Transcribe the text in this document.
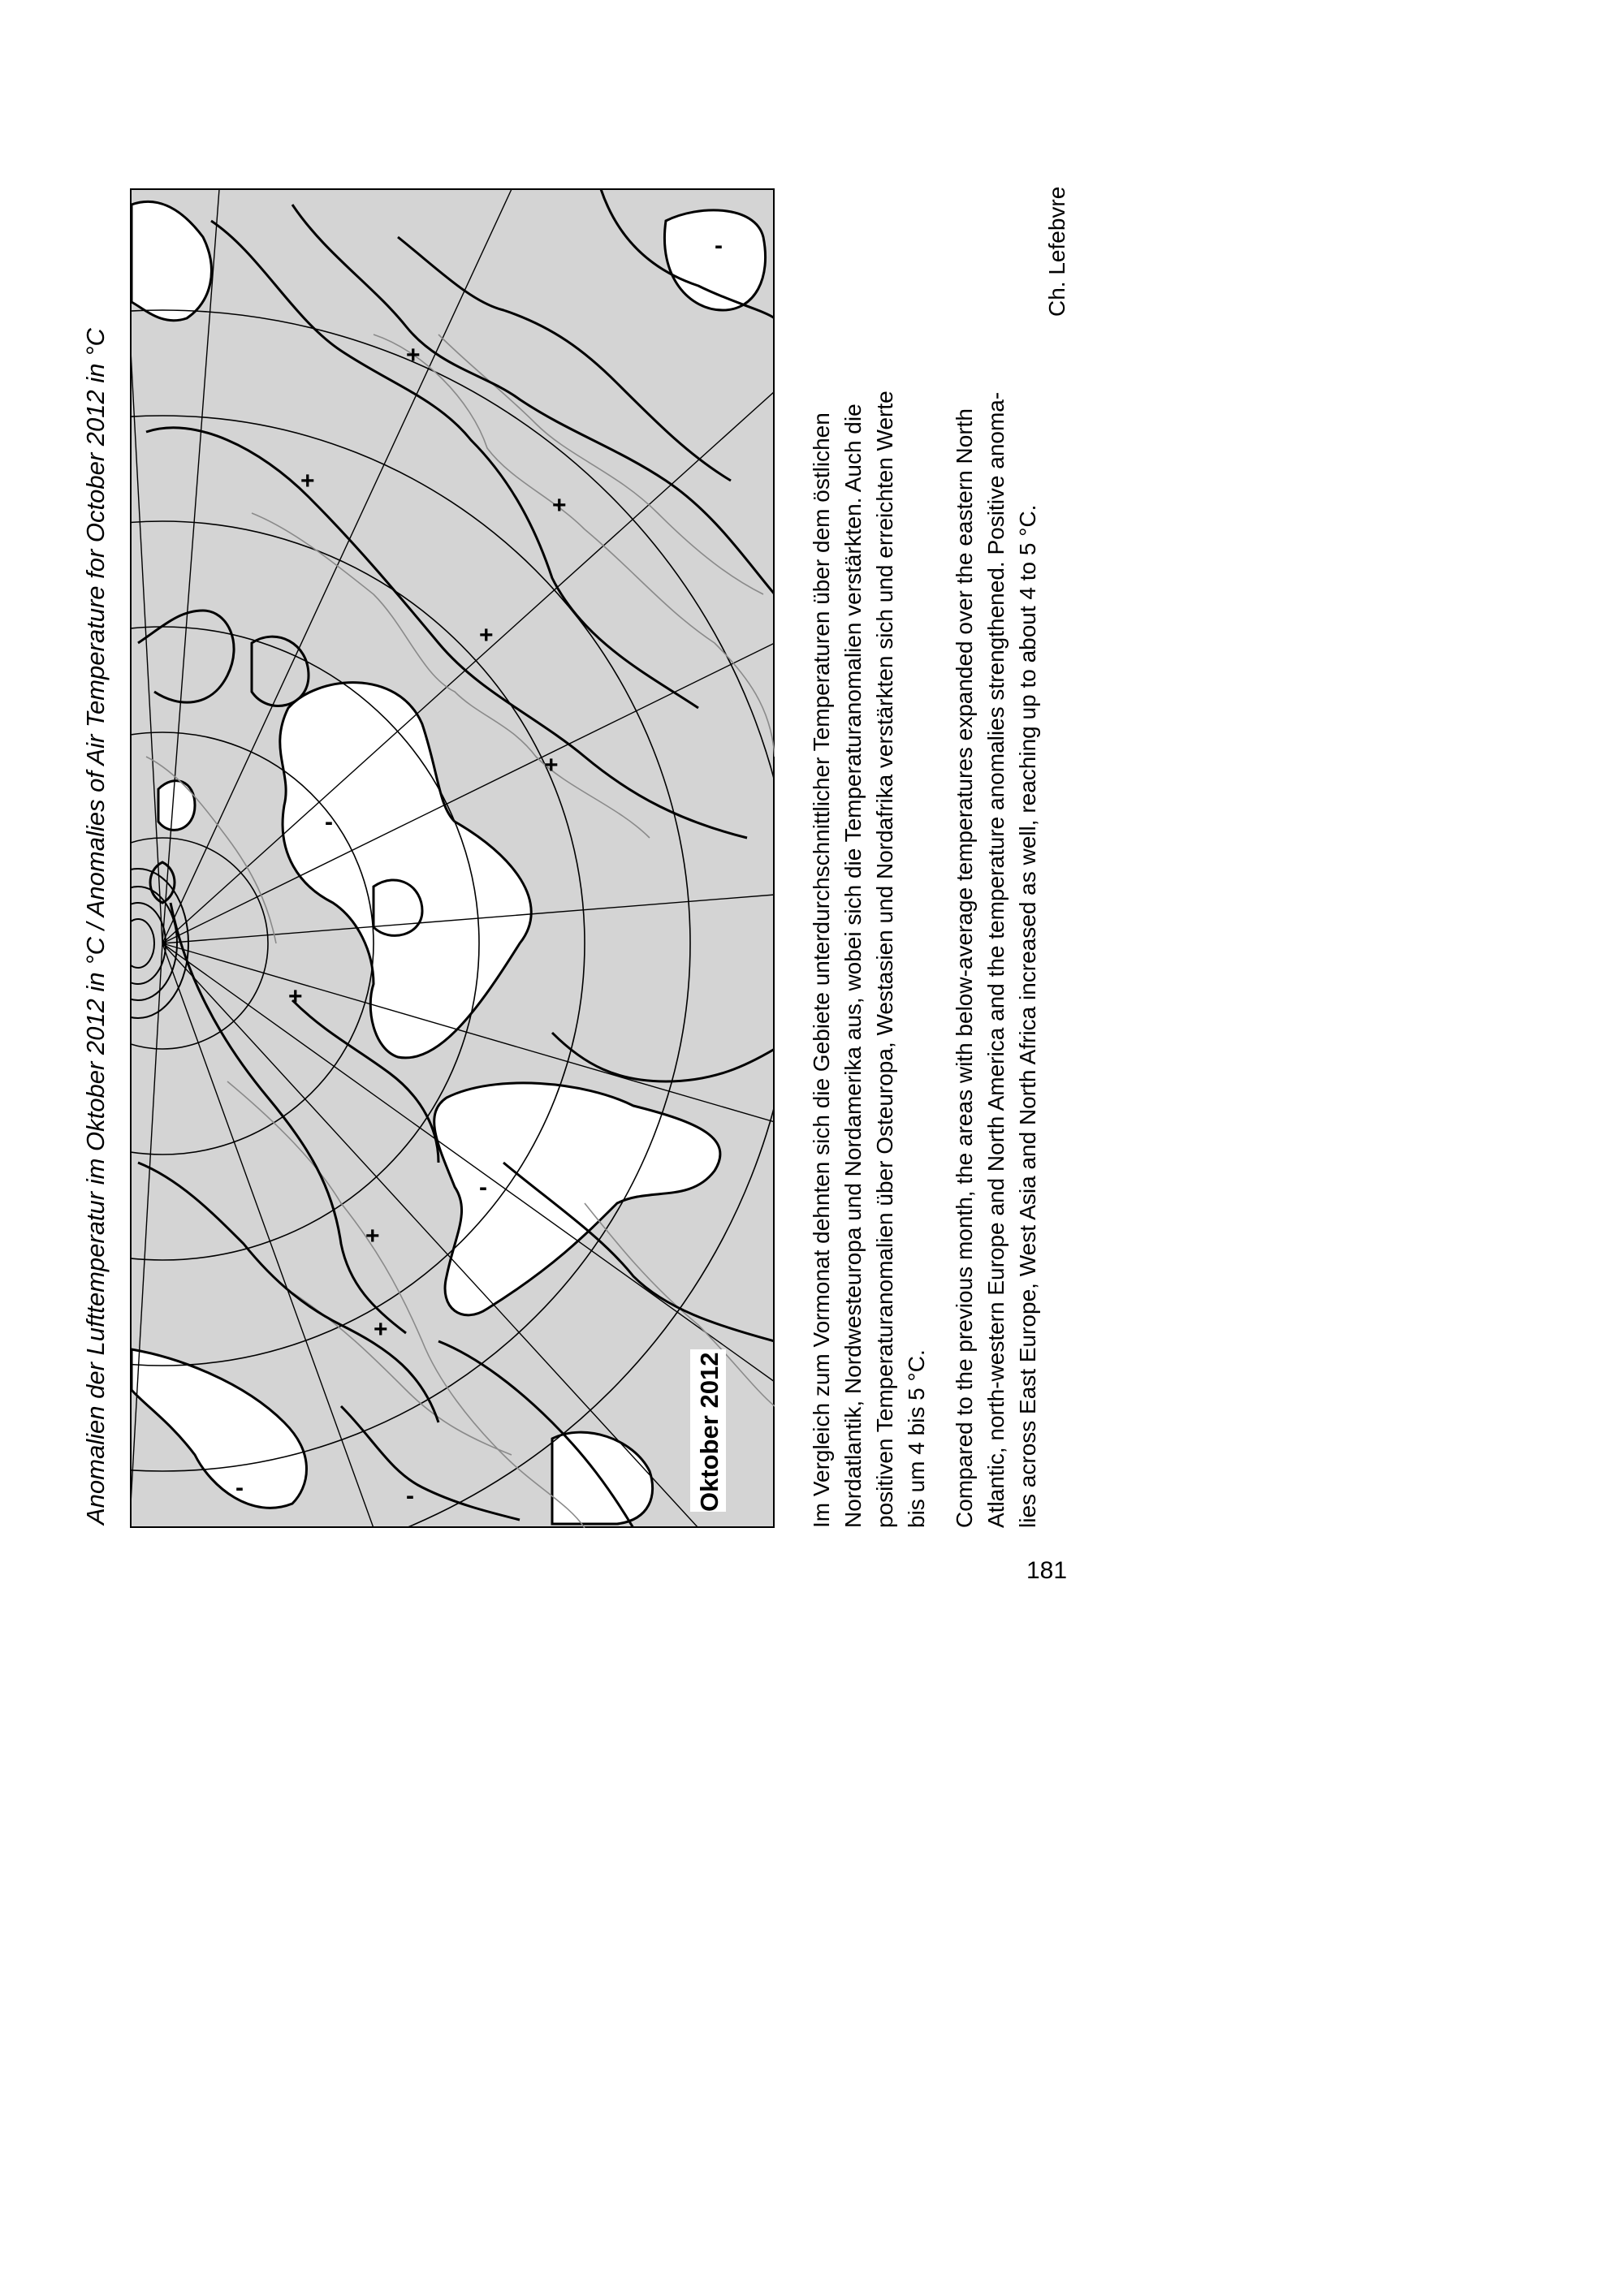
Anomalien der Lufttemperatur im Oktober 2012 in °C / Anomalies of Air Temperature for October 2012 in °C	+
+
+
+
+
+
+
+
-
-
-
-	-	Oktober 2012	Im Vergleich zum Vormonat dehnten sich die Gebiete unterdurchschnittlicher Temperaturen über dem östlichen Nordatlantik, Nordwesteuropa und Nordamerika aus, wobei sich die Temperaturanomalien verstärkten. Auch die positiven Temperaturanomalien über Osteuropa, Westasien und Nordafrika verstärkten sich und erreichten Werte bis um 4 bis 5 °C. Compared to the previous month, the areas with below-average temperatures expanded over the eastern North Atlantic, north-western Europe and North America and the temperature anomalies strengthened. Positive anoma- lies across East Europe, West Asia and North Africa increased as well, reaching up to about 4 to 5 °C.

Ch. Lefebvre
181
